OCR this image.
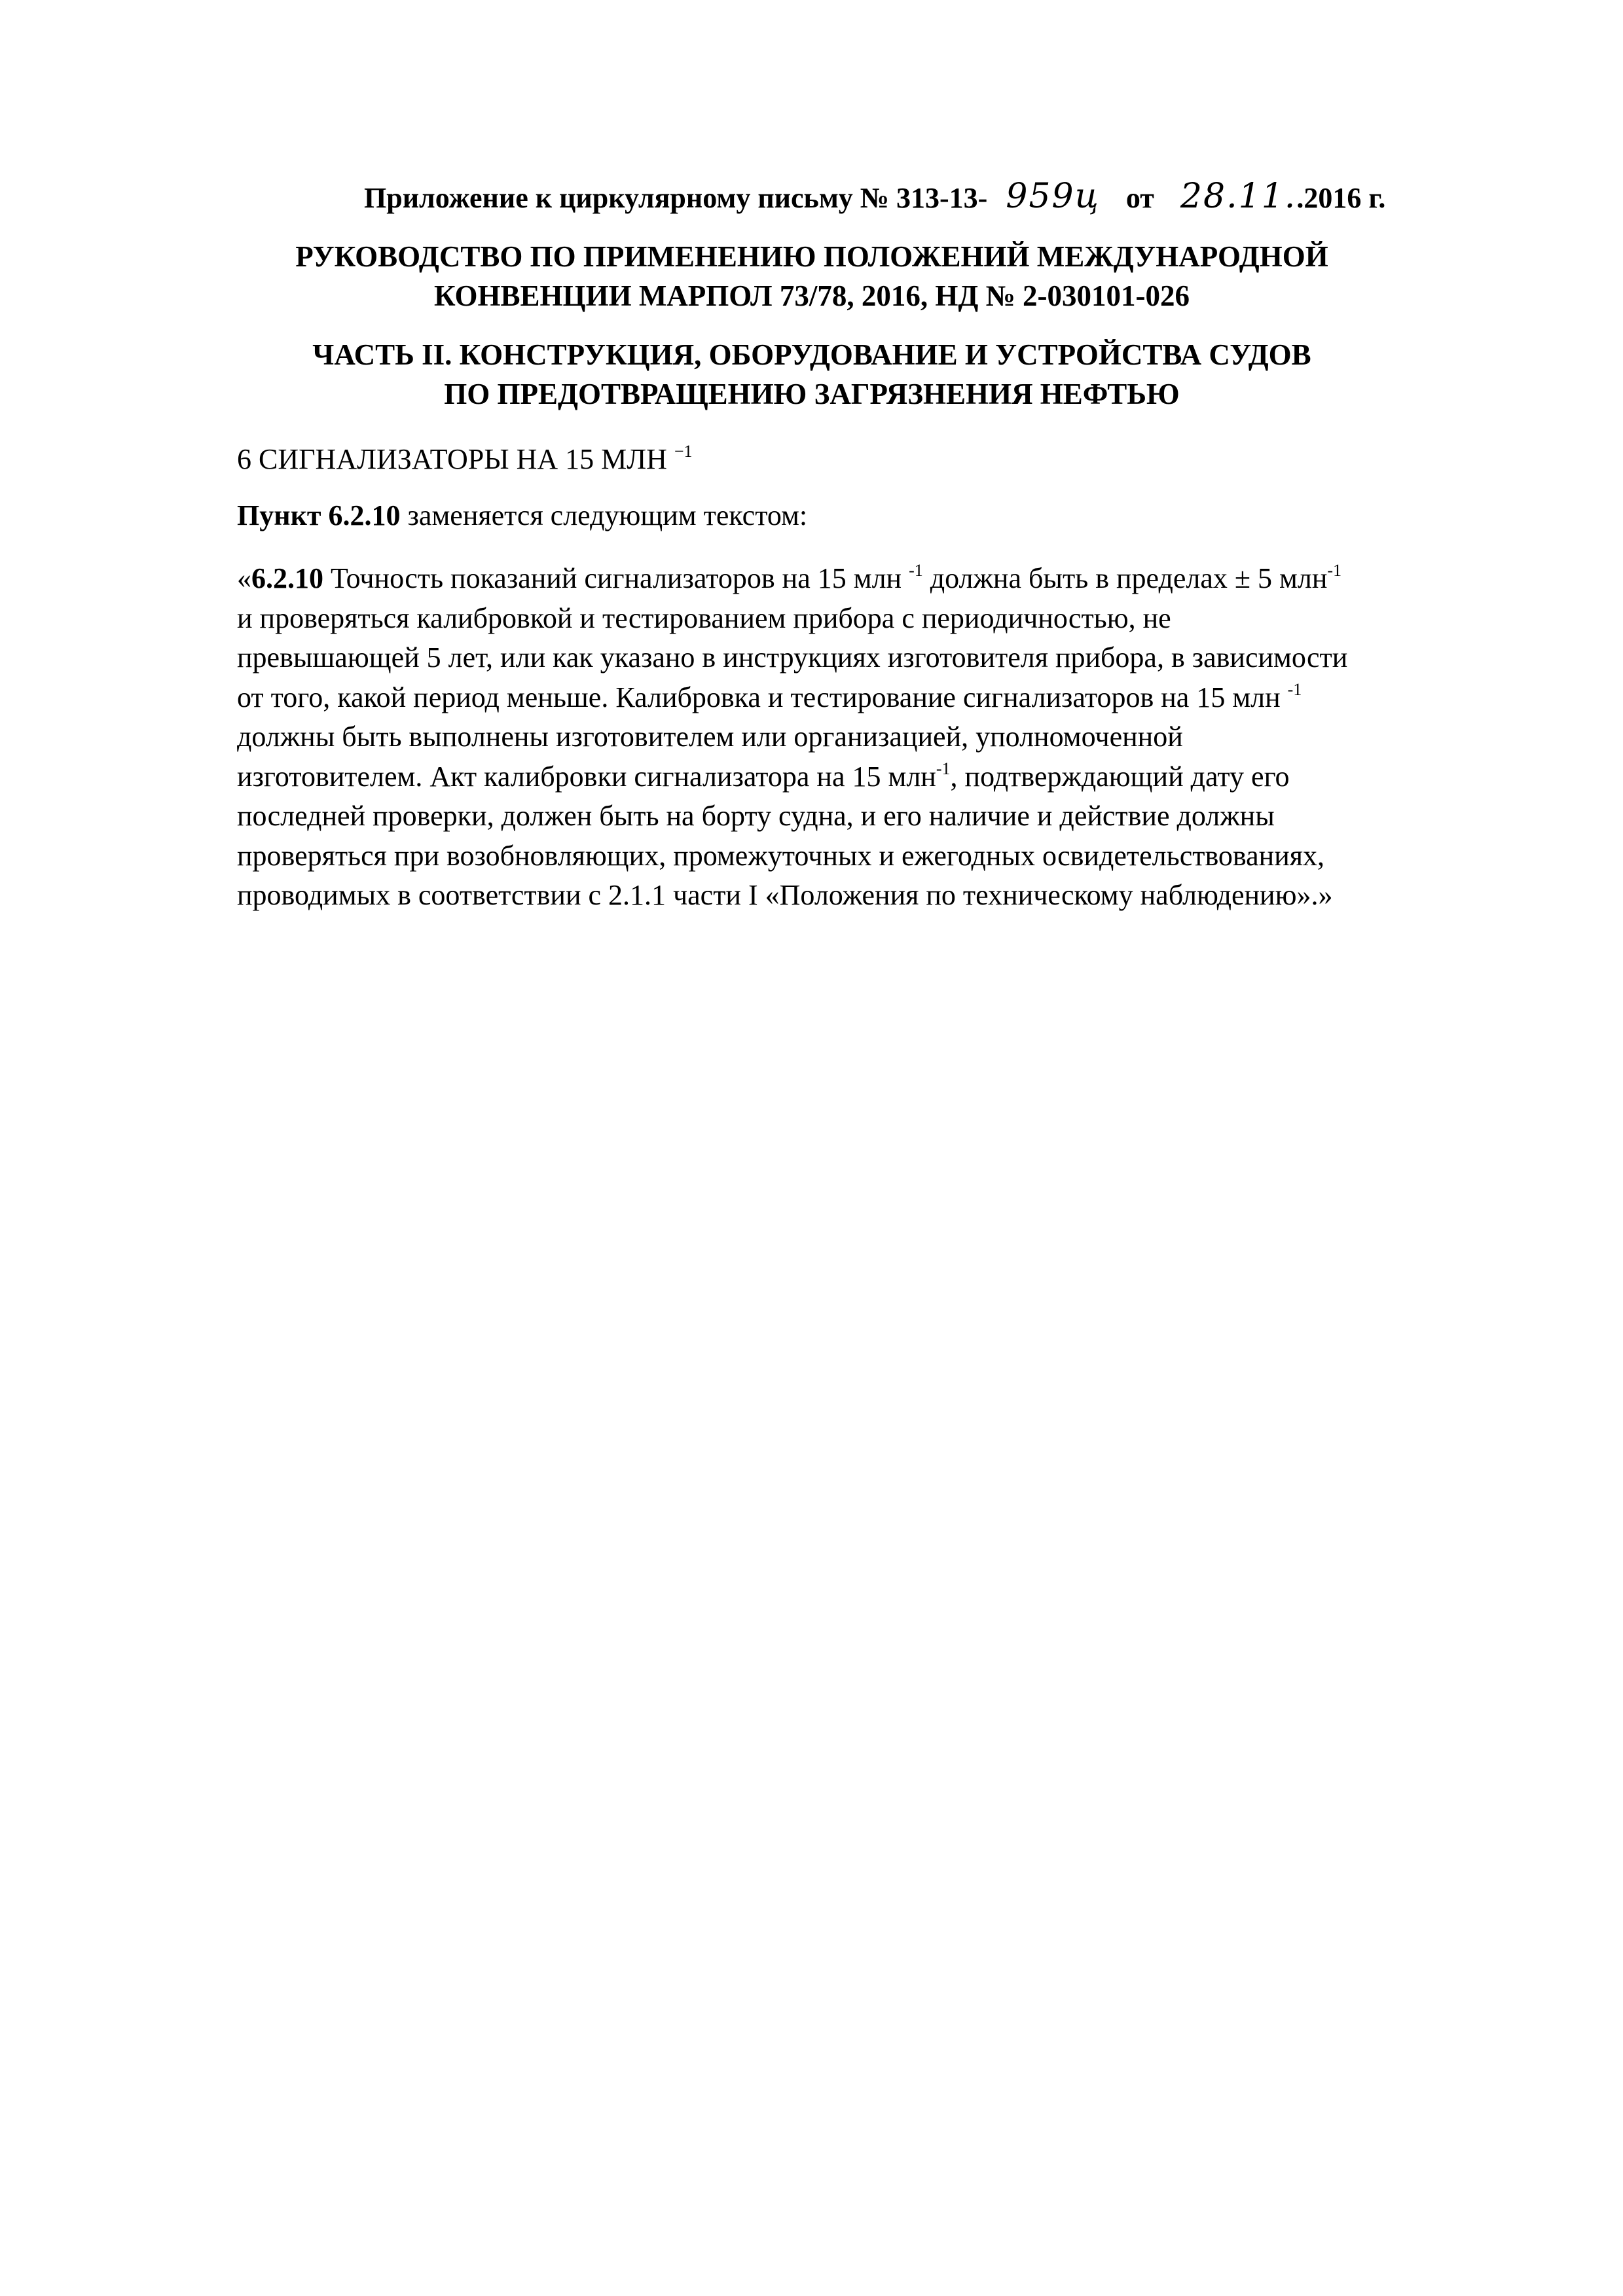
Приложение к циркулярному письму № 313-13- 959ц от 28.11..2016 г.
РУКОВОДСТВО ПО ПРИМЕНЕНИЮ ПОЛОЖЕНИЙ МЕЖДУНАРОДНОЙ
КОНВЕНЦИИ МАРПОЛ 73/78, 2016, НД № 2-030101-026
ЧАСТЬ II. КОНСТРУКЦИЯ, ОБОРУДОВАНИЕ И УСТРОЙСТВА СУДОВ
ПО ПРЕДОТВРАЩЕНИЮ ЗАГРЯЗНЕНИЯ НЕФТЬЮ
6 СИГНАЛИЗАТОРЫ НА 15 МЛН $^{-1}$
Пункт 6.2.10 заменяется следующим текстом:
«6.2.10 Точность показаний сигнализаторов на 15 млн $^{-1}$ должна быть в пределах ± 5 млн$^{-1}$
и проверяться калибровкой и тестированием прибора с периодичностью, не
превышающей 5 лет, или как указано в инструкциях изготовителя прибора, в зависимости
от того, какой период меньше. Калибровка и тестирование сигнализаторов на 15 млн $^{-1}$
должны быть выполнены изготовителем или организацией, уполномоченной
изготовителем. Акт калибровки сигнализатора на 15 млн$^{-1}$, подтверждающий дату его
последней проверки, должен быть на борту судна, и его наличие и действие должны
проверяться при возобновляющих, промежуточных и ежегодных освидетельствованиях,
проводимых в соответствии с 2.1.1 части I «Положения по техническому наблюдению».»
